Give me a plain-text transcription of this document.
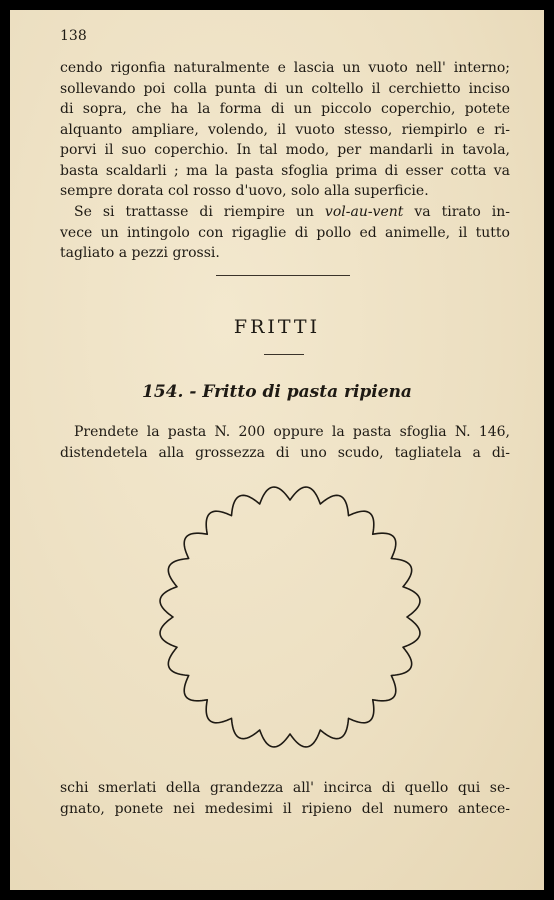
138

cendo rigonfia naturalmente e lascia un vuoto nell' interno;
sollevando poi colla punta di un coltello il cerchietto inciso
di sopra, che ha la forma di un piccolo coperchio, potete
alquanto ampliare, volendo, il vuoto stesso, riempirlo e ri-
porvi il suo coperchio. In tal modo, per mandarli in tavola,
basta scaldarli ; ma la pasta sfoglia prima di esser cotta va
sempre dorata col rosso d'uovo, solo alla superficie.

Se si trattasse di riempire un vol-au-vent va tirato in-
vece un intingolo con rigaglie di pollo ed animelle, il tutto
tagliato a pezzi grossi.

FRITTI
154. - Fritto di pasta ripiena

Prendete la pasta N. 200 oppure la pasta sfoglia N. 146,
distendetela alla grossezza di uno scudo, tagliatela a di-

schi smerlati della grandezza all' incirca di quello qui se-
gnato, ponete nei medesimi il ripieno del numero antece-
